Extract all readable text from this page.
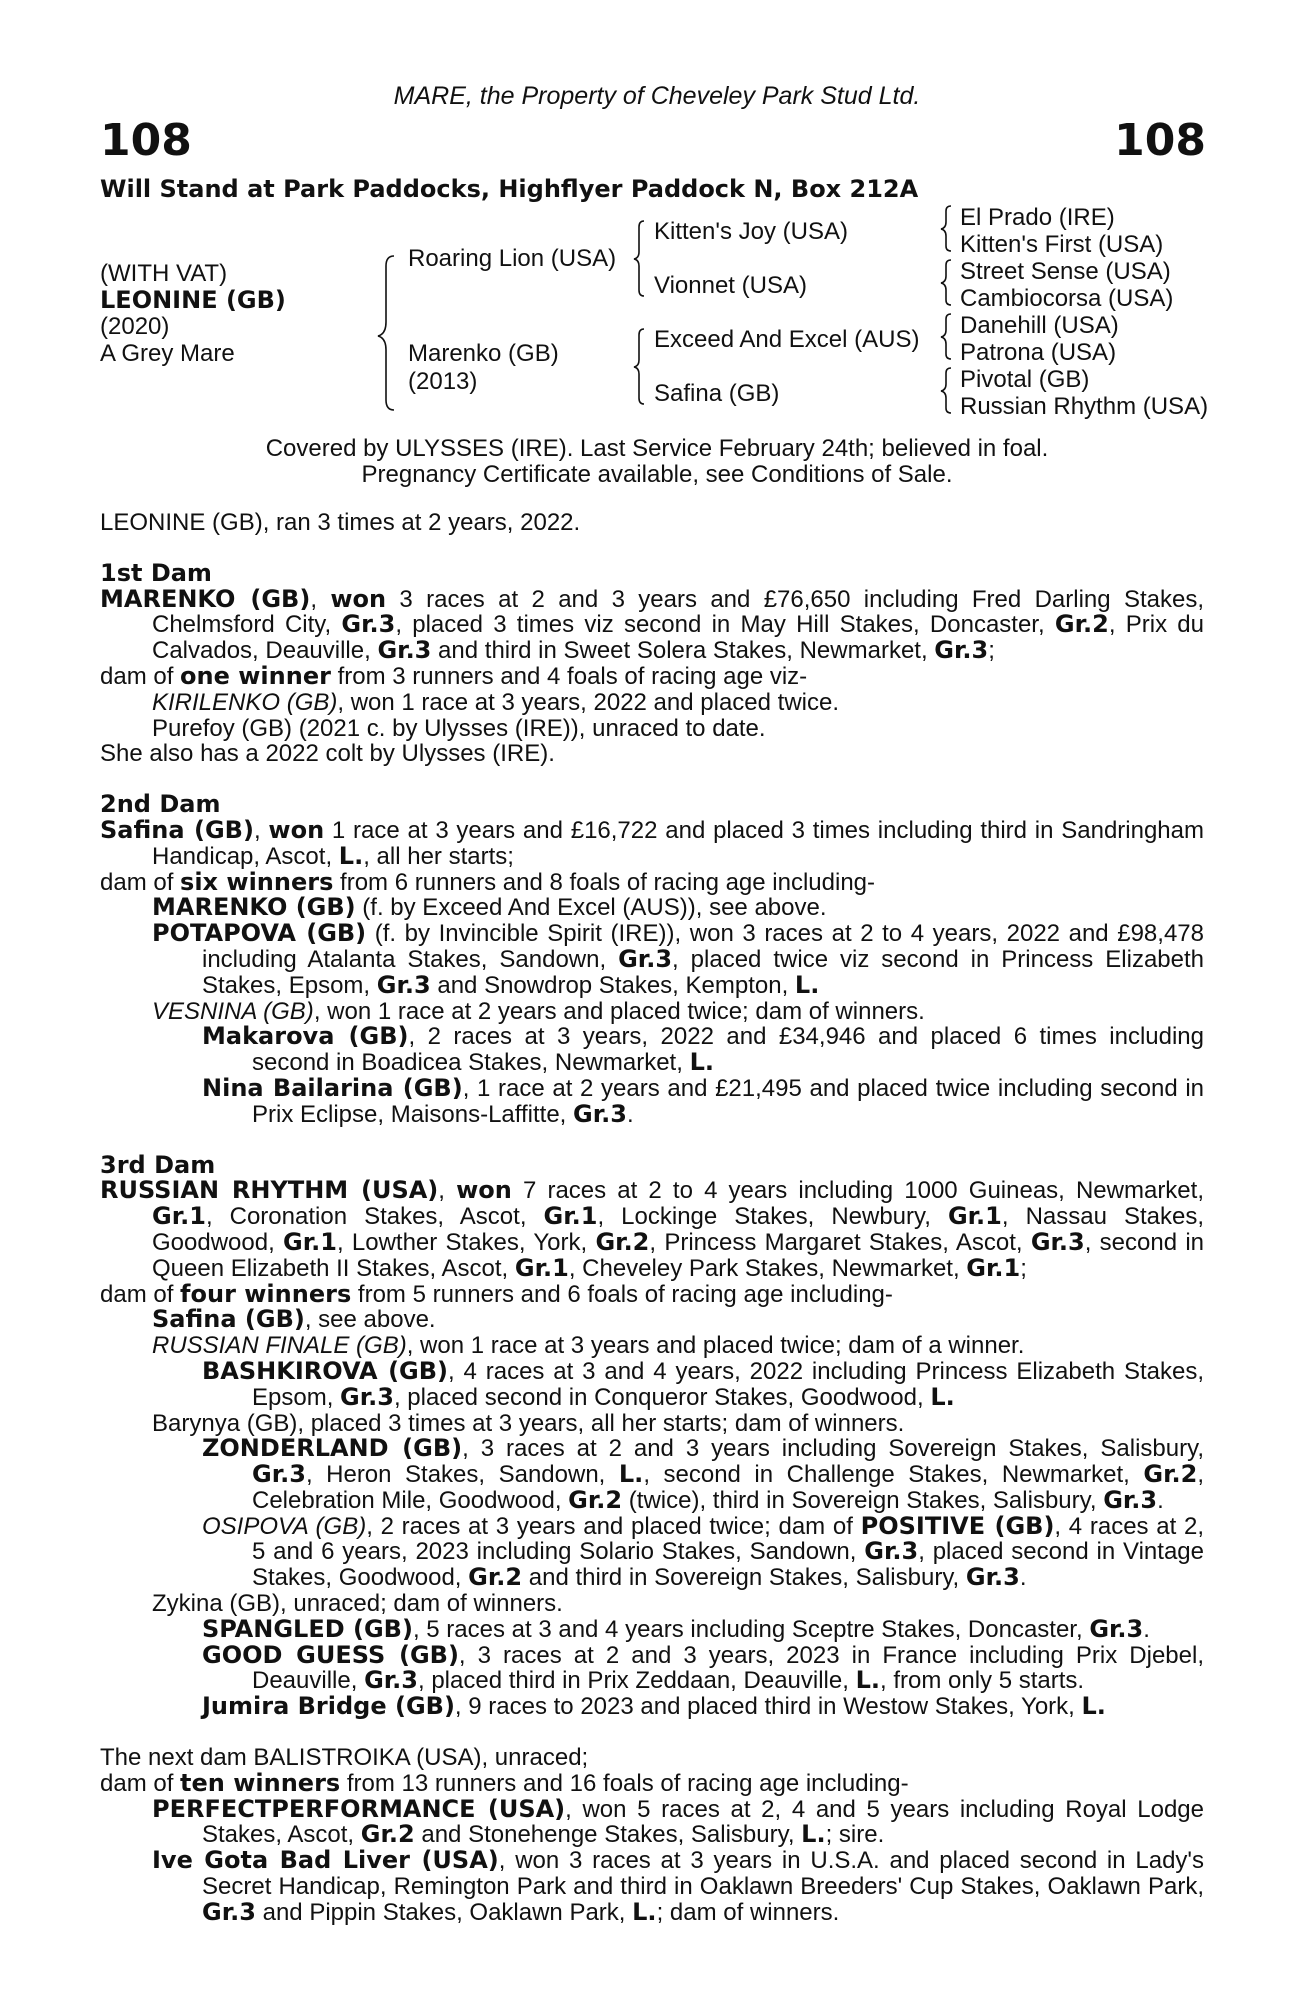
MARE, the Property of Cheveley Park Stud Ltd.
108	108
Will Stand at Park Paddocks, Highflyer Paddock N, Box 212A
(WITH VAT)
LEONINE (GB)
(2020)
A Grey Mare
Roaring Lion (USA)
Marenko (GB)
(2013)
Kitten's Joy (USA)
Vionnet (USA)
Exceed And Excel (AUS)
Safina (GB)
El Prado (IRE)
Kitten's First (USA)
Street Sense (USA)
Cambiocorsa (USA)
Danehill (USA)
Patrona (USA)
Pivotal (GB)
Russian Rhythm (USA)
Covered by ULYSSES (IRE). Last Service February 24th; believed in foal.
Pregnancy Certificate available, see Conditions of Sale.

LEONINE (GB), ran 3 times at 2 years, 2022.

1st Dam

MARENKO (GB), won 3 races at 2 and 3 years and £76,650 including Fred Darling Stakes, Chelmsford City, Gr.3, placed 3 times viz second in May Hill Stakes, Doncaster, Gr.2, Prix du Calvados, Deauville, Gr.3 and third in Sweet Solera Stakes, Newmarket, Gr.3;

dam of one winner from 3 runners and 4 foals of racing age viz-

KIRILENKO (GB), won 1 race at 3 years, 2022 and placed twice.

Purefoy (GB) (2021 c. by Ulysses (IRE)), unraced to date.

She also has a 2022 colt by Ulysses (IRE).

2nd Dam

Safina (GB), won 1 race at 3 years and £16,722 and placed 3 times including third in Sandringham Handicap, Ascot, L., all her starts;

dam of six winners from 6 runners and 8 foals of racing age including-

MARENKO (GB) (f. by Exceed And Excel (AUS)), see above.

POTAPOVA (GB) (f. by Invincible Spirit (IRE)), won 3 races at 2 to 4 years, 2022 and £98,478 including Atalanta Stakes, Sandown, Gr.3, placed twice viz second in Princess Elizabeth Stakes, Epsom, Gr.3 and Snowdrop Stakes, Kempton, L.

VESNINA (GB), won 1 race at 2 years and placed twice; dam of winners.

Makarova (GB), 2 races at 3 years, 2022 and £34,946 and placed 6 times including second in Boadicea Stakes, Newmarket, L.

Nina Bailarina (GB), 1 race at 2 years and £21,495 and placed twice including second in Prix Eclipse, Maisons-Laffitte, Gr.3.

3rd Dam

RUSSIAN RHYTHM (USA), won 7 races at 2 to 4 years including 1000 Guineas, Newmarket, Gr.1, Coronation Stakes, Ascot, Gr.1, Lockinge Stakes, Newbury, Gr.1, Nassau Stakes, Goodwood, Gr.1, Lowther Stakes, York, Gr.2, Princess Margaret Stakes, Ascot, Gr.3, second in Queen Elizabeth II Stakes, Ascot, Gr.1, Cheveley Park Stakes, Newmarket, Gr.1;

dam of four winners from 5 runners and 6 foals of racing age including-

Safina (GB), see above.

RUSSIAN FINALE (GB), won 1 race at 3 years and placed twice; dam of a winner.

BASHKIROVA (GB), 4 races at 3 and 4 years, 2022 including Princess Elizabeth Stakes, Epsom, Gr.3, placed second in Conqueror Stakes, Goodwood, L.

Barynya (GB), placed 3 times at 3 years, all her starts; dam of winners.

ZONDERLAND (GB), 3 races at 2 and 3 years including Sovereign Stakes, Salisbury, Gr.3, Heron Stakes, Sandown, L., second in Challenge Stakes, Newmarket, Gr.2, Celebration Mile, Goodwood, Gr.2 (twice), third in Sovereign Stakes, Salisbury, Gr.3.

OSIPOVA (GB), 2 races at 3 years and placed twice; dam of POSITIVE (GB), 4 races at 2, 5 and 6 years, 2023 including Solario Stakes, Sandown, Gr.3, placed second in Vintage Stakes, Goodwood, Gr.2 and third in Sovereign Stakes, Salisbury, Gr.3.

Zykina (GB), unraced; dam of winners.

SPANGLED (GB), 5 races at 3 and 4 years including Sceptre Stakes, Doncaster, Gr.3.

GOOD GUESS (GB), 3 races at 2 and 3 years, 2023 in France including Prix Djebel, Deauville, Gr.3, placed third in Prix Zeddaan, Deauville, L., from only 5 starts.

Jumira Bridge (GB), 9 races to 2023 and placed third in Westow Stakes, York, L.

The next dam BALISTROIKA (USA), unraced;

dam of ten winners from 13 runners and 16 foals of racing age including-

PERFECTPERFORMANCE (USA), won 5 races at 2, 4 and 5 years including Royal Lodge Stakes, Ascot, Gr.2 and Stonehenge Stakes, Salisbury, L.; sire.

Ive Gota Bad Liver (USA), won 3 races at 3 years in U.S.A. and placed second in Lady's Secret Handicap, Remington Park and third in Oaklawn Breeders' Cup Stakes, Oaklawn Park, Gr.3 and Pippin Stakes, Oaklawn Park, L.; dam of winners.
